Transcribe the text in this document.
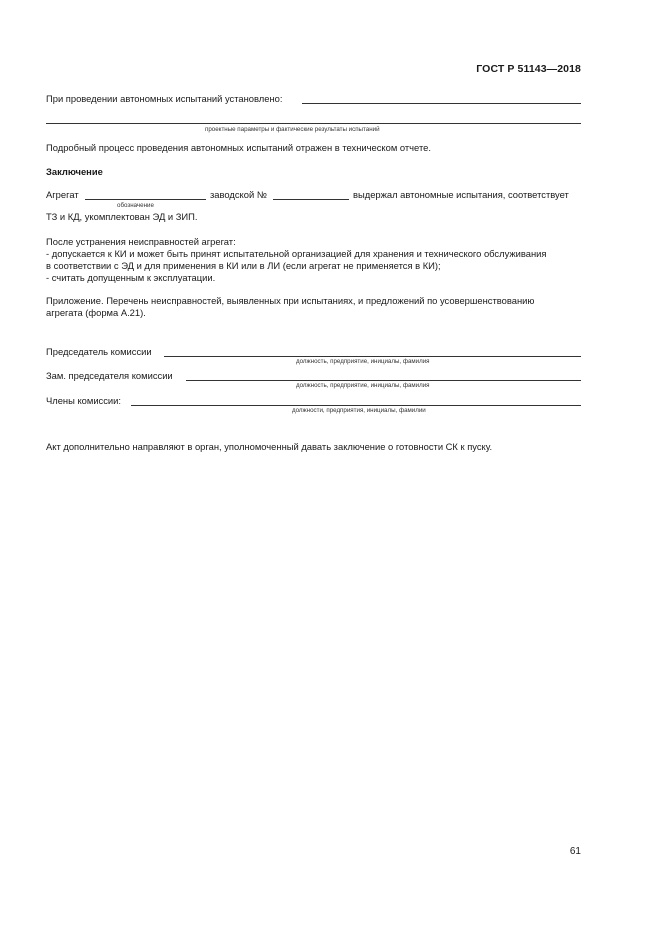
ГОСТ Р 51143—2018
При проведении автономных испытаний установлено:
проектные параметры и фактические результаты испытаний
Подробный процесс проведения автономных испытаний отражен в техническом отчете.
Заключение
Агрегат
обозначение
заводской №	выдержал автономные испытания, соответствует
ТЗ и КД, укомплектован ЭД и ЗИП.
После устранения неисправностей агрегат:
- допускается к КИ и может быть принят испытательной организацией для хранения и технического обслуживания
в соответствии с ЭД и для применения в КИ или в ЛИ (если агрегат не применяется в КИ);
- считать допущенным к эксплуатации.
Приложение. Перечень неисправностей, выявленных при испытаниях, и предложений по усовершенствованию
агрегата (форма А.21).
Председатель комиссии
должность, предприятие, инициалы, фамилия
Зам. председателя комиссии
должность, предприятие, инициалы, фамилия
Члены комиссии:
должности, предприятия, инициалы, фамилии
Акт дополнительно направляют в орган, уполномоченный давать заключение о готовности СК к пуску.
61
